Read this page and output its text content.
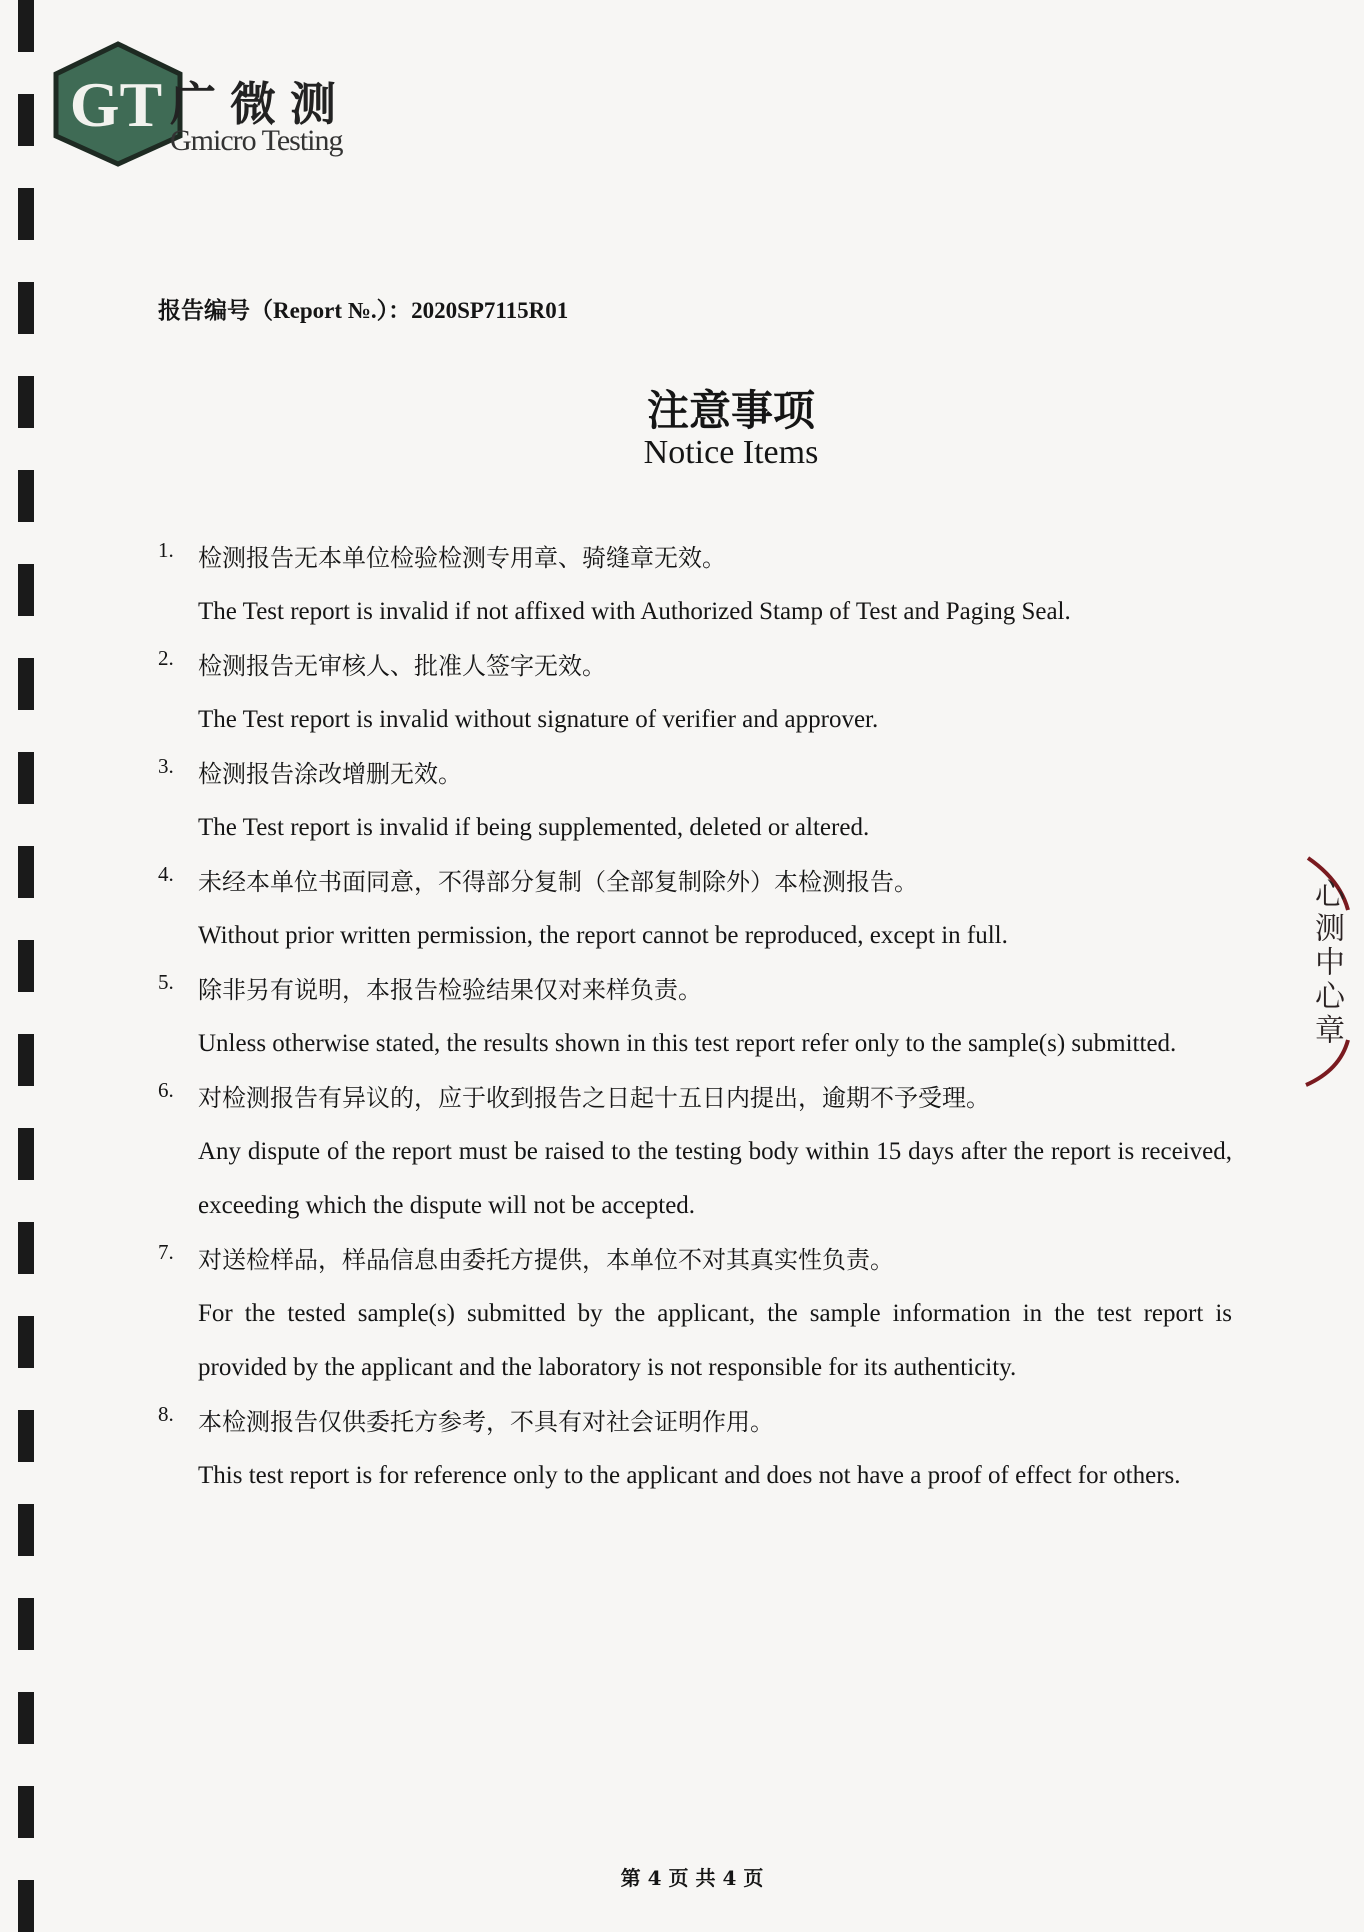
GT 广微测
Gmicro Testing
报告编号（Report №.）：2020SP7115R01
注意事项
Notice Items
1. 检测报告无本单位检验检测专用章、骑缝章无效。
The Test report is invalid if not affixed with Authorized Stamp of Test and Paging Seal.
2. 检测报告无审核人、批准人签字无效。
The Test report is invalid without signature of verifier and approver.
3. 检测报告涂改增删无效。
The Test report is invalid if being supplemented, deleted or altered.
4. 未经本单位书面同意，不得部分复制（全部复制除外）本检测报告。
Without prior written permission, the report cannot be reproduced, except in full.
5. 除非另有说明，本报告检验结果仅对来样负责。
Unless otherwise stated, the results shown in this test report refer only to the sample(s) submitted.
6. 对检测报告有异议的，应于收到报告之日起十五日内提出，逾期不予受理。
Any dispute of the report must be raised to the testing body within 15 days after the report is received, exceeding which the dispute will not be accepted.
7. 对送检样品，样品信息由委托方提供，本单位不对其真实性负责。
For the tested sample(s) submitted by the applicant, the sample information in the test report is provided by the applicant and the laboratory is not responsible for its authenticity.
8. 本检测报告仅供委托方参考，不具有对社会证明作用。
This test report is for reference only to the applicant and does not have a proof of effect for others.
⼼测中心章
第 4 页 共 4 页
